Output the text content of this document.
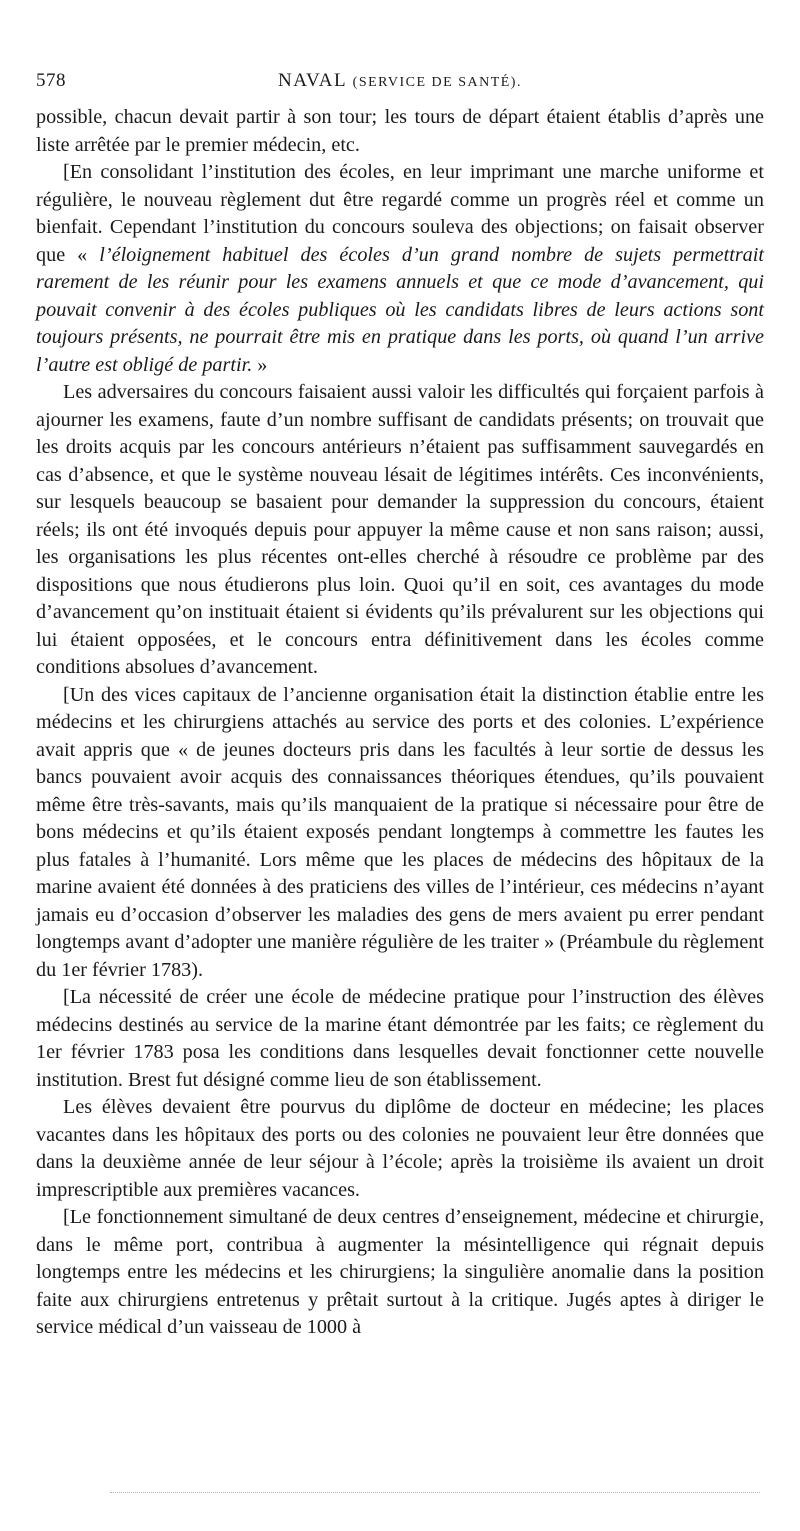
578	NAVAL (SERVICE DE SANTÉ).

possible, chacun devait partir à son tour; les tours de départ étaient établis d’après une liste arrêtée par le premier médecin, etc.

[En consolidant l’institution des écoles, en leur imprimant une marche uniforme et régulière, le nouveau règlement dut être regardé comme un progrès réel et comme un bienfait. Cependant l’institution du concours souleva des objections; on faisait observer que « l’éloignement habituel des écoles d’un grand nombre de sujets permettrait rarement de les réunir pour les examens annuels et que ce mode d’avancement, qui pouvait convenir à des écoles publiques où les candidats libres de leurs actions sont toujours présents, ne pourrait être mis en pratique dans les ports, où quand l’un arrive l’autre est obligé de partir. »

Les adversaires du concours faisaient aussi valoir les difficultés qui forçaient parfois à ajourner les examens, faute d’un nombre suffisant de candidats présents; on trouvait que les droits acquis par les concours antérieurs n’étaient pas suffisamment sauvegardés en cas d’absence, et que le système nouveau lésait de légitimes intérêts. Ces inconvénients, sur lesquels beaucoup se basaient pour demander la suppression du concours, étaient réels; ils ont été invoqués depuis pour appuyer la même cause et non sans raison; aussi, les organisations les plus récentes ont-elles cherché à résoudre ce problème par des dispositions que nous étudierons plus loin. Quoi qu’il en soit, ces avantages du mode d’avancement qu’on instituait étaient si évidents qu’ils prévalurent sur les objections qui lui étaient opposées, et le concours entra définitivement dans les écoles comme conditions absolues d’avancement.

[Un des vices capitaux de l’ancienne organisation était la distinction établie entre les médecins et les chirurgiens attachés au service des ports et des colonies. L’expérience avait appris que « de jeunes docteurs pris dans les facultés à leur sortie de dessus les bancs pouvaient avoir acquis des connaissances théoriques étendues, qu’ils pouvaient même être très-savants, mais qu’ils manquaient de la pratique si nécessaire pour être de bons médecins et qu’ils étaient exposés pendant longtemps à commettre les fautes les plus fatales à l’humanité. Lors même que les places de médecins des hôpitaux de la marine avaient été données à des praticiens des villes de l’intérieur, ces médecins n’ayant jamais eu d’occasion d’observer les maladies des gens de mers avaient pu errer pendant longtemps avant d’adopter une manière régulière de les traiter » (Préambule du règlement du 1er février 1783).

[La nécessité de créer une école de médecine pratique pour l’instruction des élèves médecins destinés au service de la marine étant démontrée par les faits; ce règlement du 1er février 1783 posa les conditions dans lesquelles devait fonctionner cette nouvelle institution. Brest fut désigné comme lieu de son établissement.

Les élèves devaient être pourvus du diplôme de docteur en médecine; les places vacantes dans les hôpitaux des ports ou des colonies ne pouvaient leur être données que dans la deuxième année de leur séjour à l’école; après la troisième ils avaient un droit imprescriptible aux premières vacances.

[Le fonctionnement simultané de deux centres d’enseignement, médecine et chirurgie, dans le même port, contribua à augmenter la mésintelligence qui régnait depuis longtemps entre les médecins et les chirurgiens; la singulière anomalie dans la position faite aux chirurgiens entretenus y prêtait surtout à la critique. Jugés aptes à diriger le service médical d’un vaisseau de 1000 à
